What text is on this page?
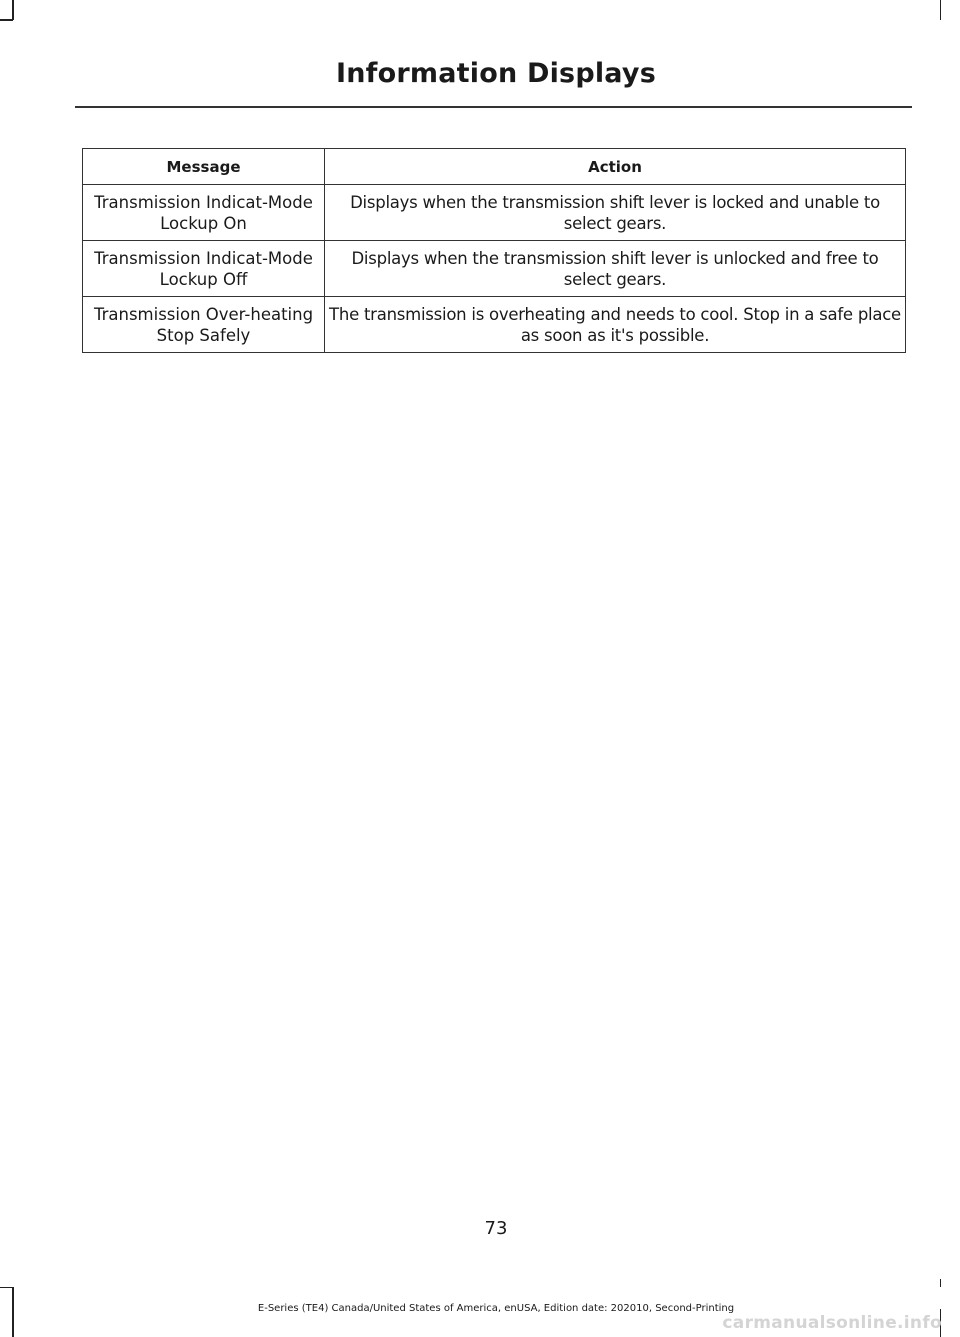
Information Displays
Message	Action
Transmission Indicat-Mode Lockup On	Displays when the transmission shift lever is locked and unable to select gears.
Transmission Indicat-Mode Lockup Off	Displays when the transmission shift lever is unlocked and free to select gears.
Transmission Over-heating Stop Safely	The transmission is overheating and needs to cool. Stop in a safe place as soon as it's possible.
73
E-Series (TE4) Canada/United States of America, enUSA, Edition date: 202010, Second-Printing
carmanualsonline.info
